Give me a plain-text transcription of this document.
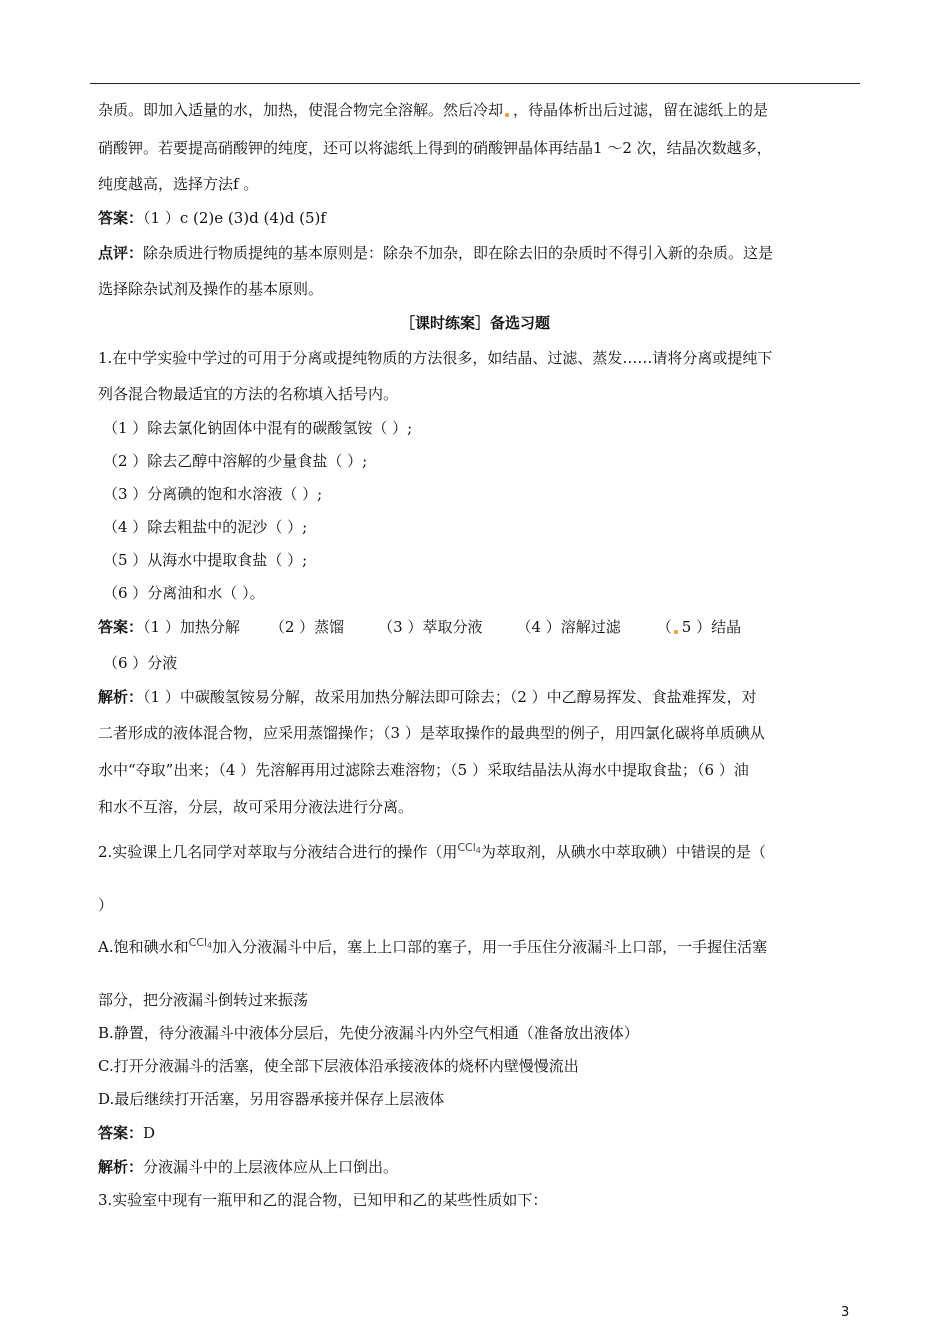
杂质。即加入适量的水，加热，使混合物完全溶解。然后冷却 ，待晶体析出后过滤，留在滤纸上的是
硝酸钾。若要提高硝酸钾的纯度，还可以将滤纸上得到的硝酸钾晶体再结晶1 ～2 次，结晶次数越多，
纯度越高，选择方法f 。
答案：（1 ）c (2)e (3)d (4)d (5)f
点评：除杂质进行物质提纯的基本原则是：除杂不加杂，即在除去旧的杂质时不得引入新的杂质。这是
选择除杂试剂及操作的基本原则。
［课时练案］备选习题
1.在中学实验中学过的可用于分离或提纯物质的方法很多，如结晶、过滤、蒸发……请将分离或提纯下
列各混合物最适宜的方法的名称填入括号内。
（1 ）除去氯化钠固体中混有的碳酸氢铵（ ）;
（2 ）除去乙醇中溶解的少量食盐（ ）;
（3 ）分离碘的饱和水溶液（ ）;
（4 ）除去粗盐中的泥沙（ ）;
（5 ）从海水中提取食盐（ ）;
（6 ）分离油和水（ ）。
答案：（1 ）加热分解 （2 ）蒸馏 （3 ）萃取分液 （4 ）溶解过滤 （ 5 ）结晶
（6 ）分液
解析：（1 ）中碳酸氢铵易分解，故采用加热分解法即可除去；（2 ）中乙醇易挥发、食盐难挥发，对
二者形成的液体混合物，应采用蒸馏操作；（3 ）是萃取操作的最典型的例子，用四氯化碳将单质碘从
水中“夺取”出来；（4 ）先溶解再用过滤除去难溶物；（5 ）采取结晶法从海水中提取食盐；（6 ）油
和水不互溶，分层，故可采用分液法进行分离。
2.实验课上几名同学对萃取与分液结合进行的操作（用$^{CCl_4}$为萃取剂，从碘水中萃取碘）中错误的是（
）
A.饱和碘水和$^{CCl_4}$加入分液漏斗中后，塞上上口部的塞子，用一手压住分液漏斗上口部，一手握住活塞
部分，把分液漏斗倒转过来振荡
B.静置，待分液漏斗中液体分层后，先使分液漏斗内外空气相通（准备放出液体）
C.打开分液漏斗的活塞，使全部下层液体沿承接液体的烧杯内壁慢慢流出
D.最后继续打开活塞，另用容器承接并保存上层液体
答案：D
解析：分液漏斗中的上层液体应从上口倒出。
3.实验室中现有一瓶甲和乙的混合物，已知甲和乙的某些性质如下：
3
